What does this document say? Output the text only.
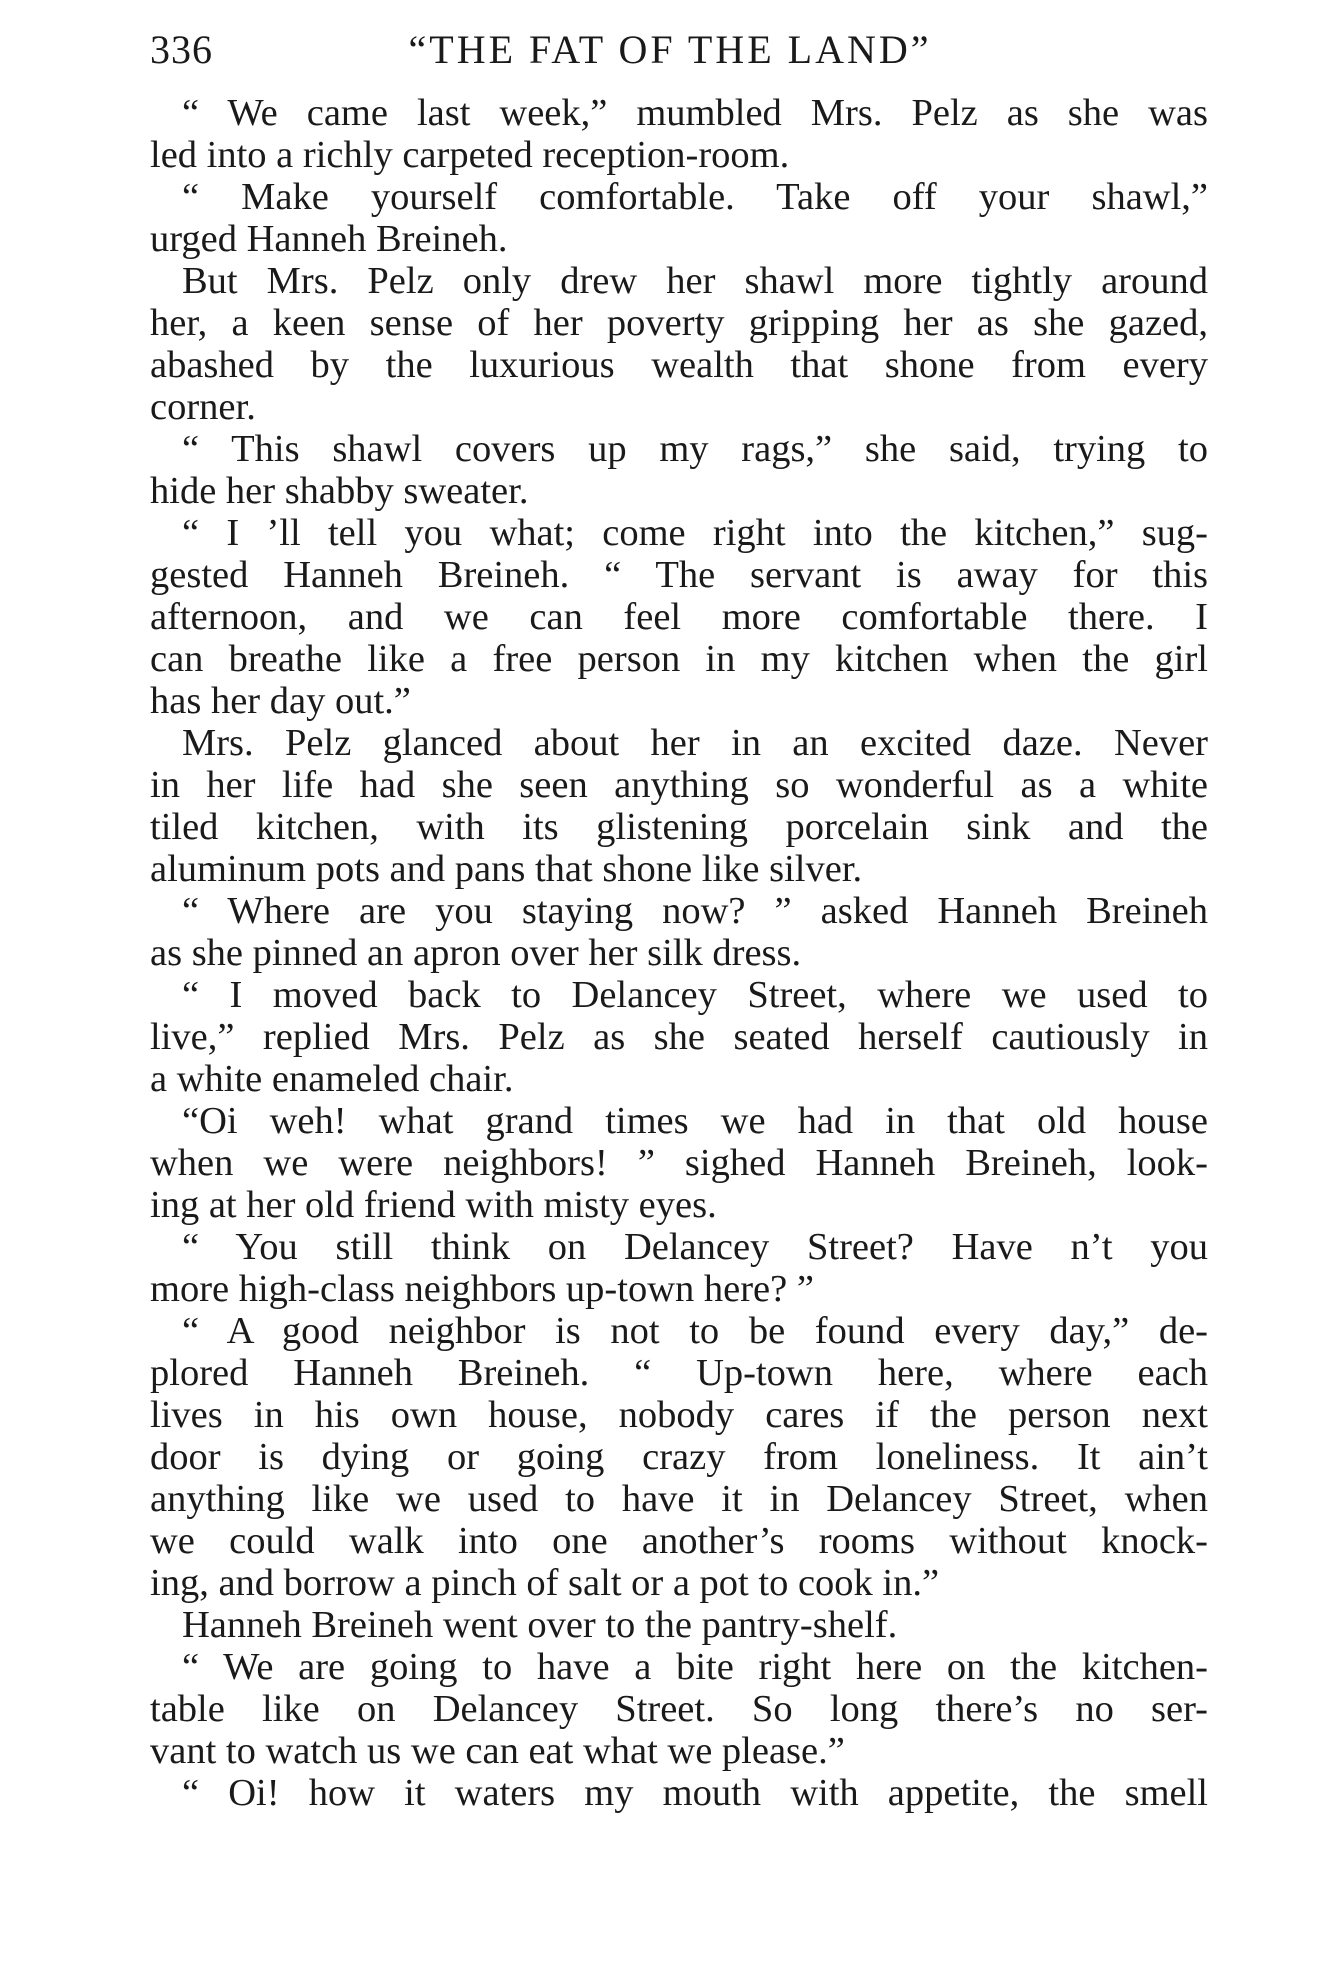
336	“THE FAT OF THE LAND”
“ We came last week,” mumbled Mrs. Pelz as she was
led into a richly carpeted reception-room.
“ Make yourself comfortable. Take off your shawl,”
urged Hanneh Breineh.
But Mrs. Pelz only drew her shawl more tightly around
her, a keen sense of her poverty gripping her as she gazed,
abashed by the luxurious wealth that shone from every
corner.
“ This shawl covers up my rags,” she said, trying to
hide her shabby sweater.
“ I ’ll tell you what; come right into the kitchen,” sug-
gested Hanneh Breineh. “ The servant is away for this
afternoon, and we can feel more comfortable there. I
can breathe like a free person in my kitchen when the girl
has her day out.”
Mrs. Pelz glanced about her in an excited daze. Never
in her life had she seen anything so wonderful as a white
tiled kitchen, with its glistening porcelain sink and the
aluminum pots and pans that shone like silver.
“ Where are you staying now? ” asked Hanneh Breineh
as she pinned an apron over her silk dress.
“ I moved back to Delancey Street, where we used to
live,” replied Mrs. Pelz as she seated herself cautiously in
a white enameled chair.
“Oi weh! what grand times we had in that old house
when we were neighbors! ” sighed Hanneh Breineh, look-
ing at her old friend with misty eyes.
“ You still think on Delancey Street? Have n’t you
more high-class neighbors up-town here? ”
“ A good neighbor is not to be found every day,” de-
plored Hanneh Breineh. “ Up-town here, where each
lives in his own house, nobody cares if the person next
door is dying or going crazy from loneliness. It ain’t
anything like we used to have it in Delancey Street, when
we could walk into one another’s rooms without knock-
ing, and borrow a pinch of salt or a pot to cook in.”
Hanneh Breineh went over to the pantry-shelf.
“ We are going to have a bite right here on the kitchen-
table like on Delancey Street. So long there’s no ser-
vant to watch us we can eat what we please.”
“ Oi! how it waters my mouth with appetite, the smell
